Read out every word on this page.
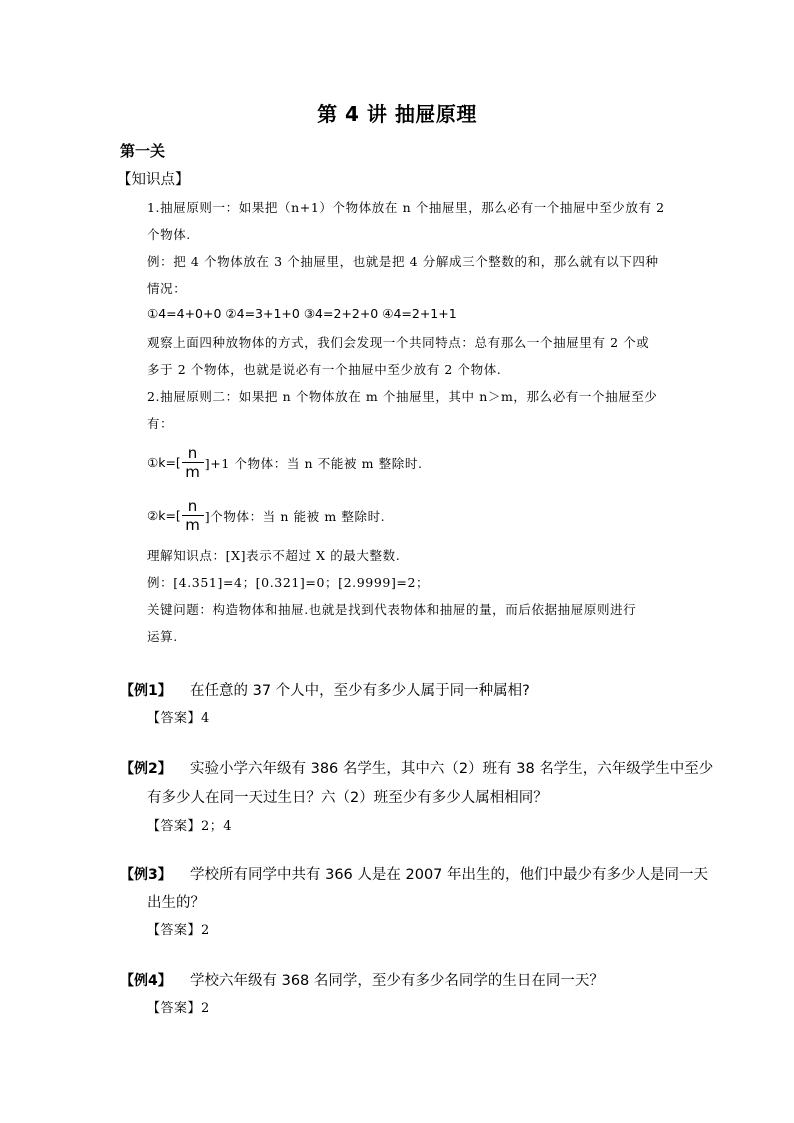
第 4 讲 抽屉原理
第一关
【知识点】
1.抽屉原则一：如果把（n+1）个物体放在 n 个抽屉里，那么必有一个抽屉中至少放有 2
个物体.
例：把 4 个物体放在 3 个抽屉里，也就是把 4 分解成三个整数的和，那么就有以下四种
情况：
①4=4+0+0 ②4=3+1+0 ③4=2+2+0 ④4=2+1+1
观察上面四种放物体的方式，我们会发现一个共同特点：总有那么一个抽屉里有 2 个或
多于 2 个物体，也就是说必有一个抽屉中至少放有 2 个物体.
2.抽屉原则二：如果把 n 个物体放在 m 个抽屉里，其中 n＞m，那么必有一个抽屉至少
有：
①k=[ $\frac{n}{m} ]+1$ 个物体：当 n 不能被 m 整除时.
②k=[ $\frac{n}{m}$ ]个物体：当 n 能被 m 整除时.
理解知识点：[X]表示不超过 X 的最大整数.
例：[4.351]=4；[0.321]=0；[2.9999]=2；
关键问题：构造物体和抽屉.也就是找到代表物体和抽屉的量，而后依据抽屉原则进行
运算.
【例1】 在任意的 37 个人中，至少有多少人属于同一种属相?
【答案】4
【例2】 实验小学六年级有 386 名学生，其中六（2）班有 38 名学生，六年级学生中至少
有多少人在同一天过生日？六（2）班至少有多少人属相相同？
【答案】2；4
【例3】 学校所有同学中共有 366 人是在 2007 年出生的，他们中最少有多少人是同一天
出生的？
【答案】2
【例4】 学校六年级有 368 名同学，至少有多少名同学的生日在同一天？
【答案】2
